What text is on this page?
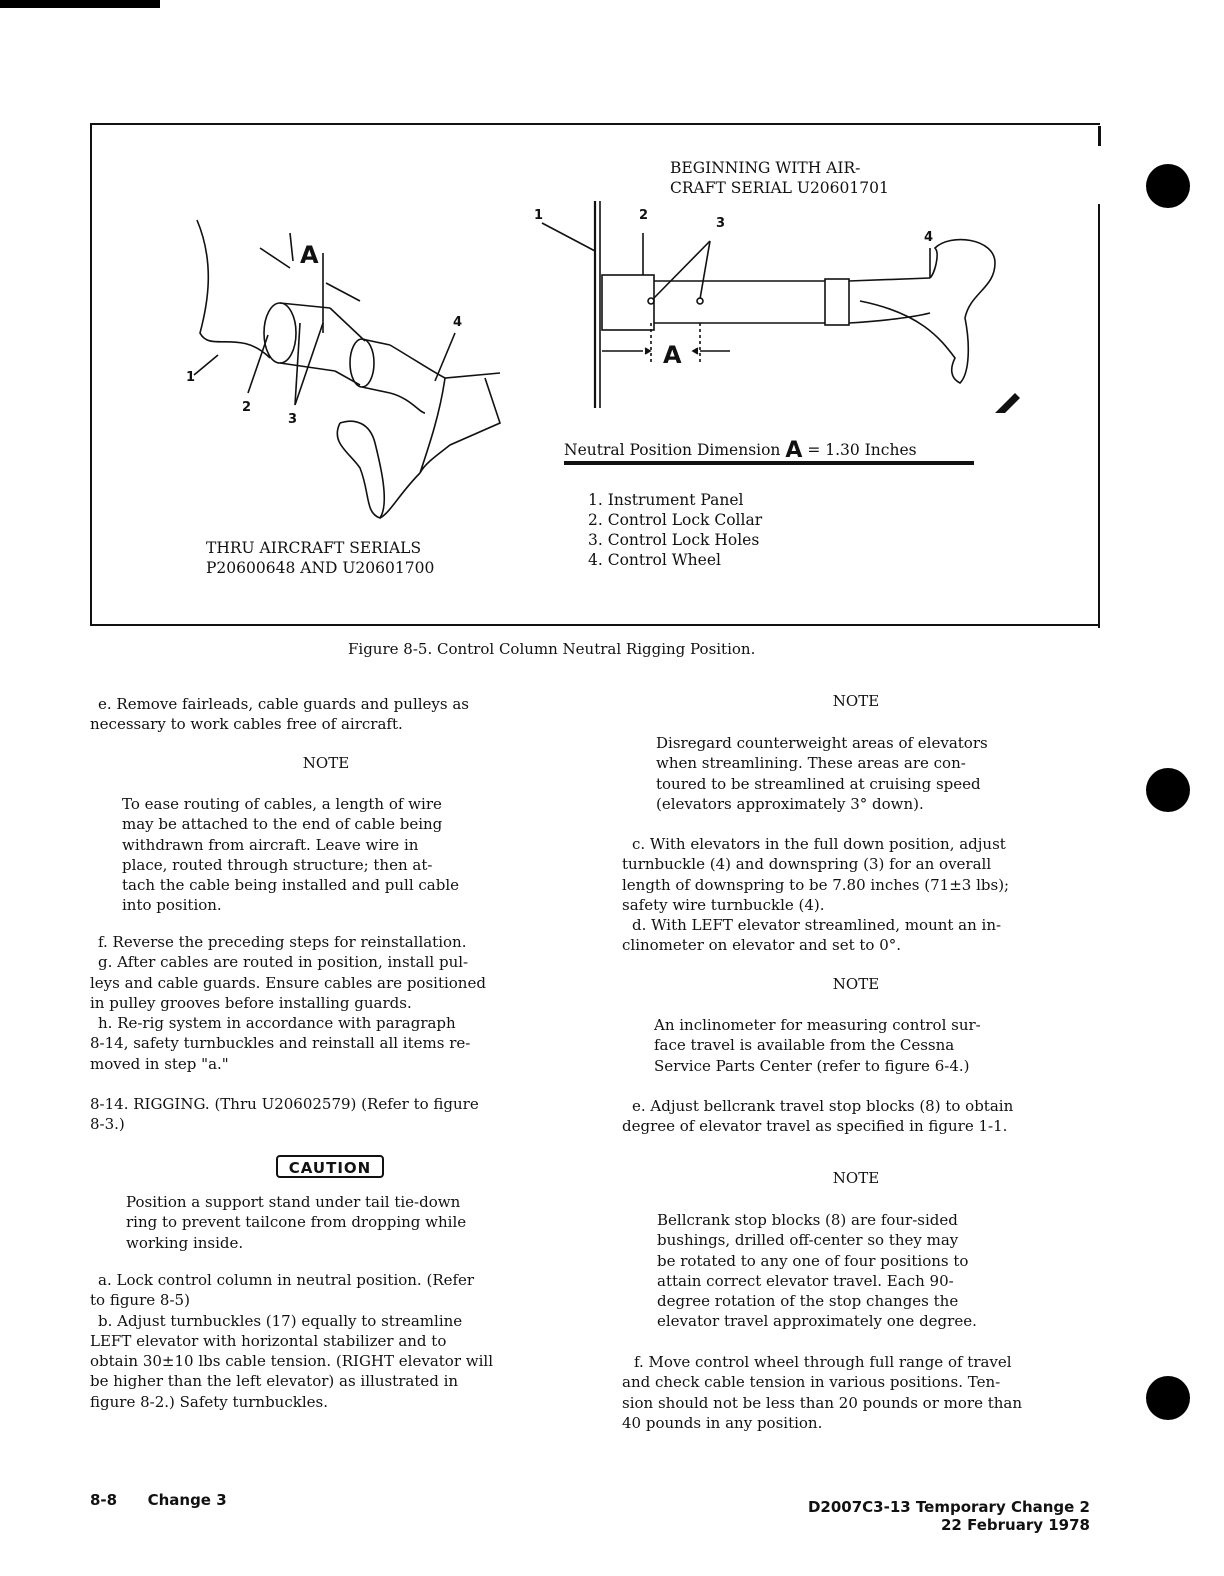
1
2
3
4
1	2
3
4
A
A
BEGINNING WITH AIR-
CRAFT SERIAL U20601701
Neutral Position Dimension A = 1.30 Inches
1. Instrument Panel
2. Control Lock Collar
3. Control Lock Holes
4. Control Wheel
THRU AIRCRAFT SERIALS
P20600648 AND U20601700
Figure 8-5. Control Column Neutral Rigging Position.
e. Remove fairleads, cable guards and pulleys as
necessary to work cables free of aircraft.
NOTE
To ease routing of cables, a length of wire
may be attached to the end of cable being
withdrawn from aircraft. Leave wire in
place, routed through structure; then at-
tach the cable being installed and pull cable
into position.
f. Reverse the preceding steps for reinstallation.
g. After cables are routed in position, install pul-
leys and cable guards. Ensure cables are positioned
in pulley grooves before installing guards.
h. Re-rig system in accordance with paragraph
8-14, safety turnbuckles and reinstall all items re-
moved in step "a."
8-14. RIGGING. (Thru U20602579) (Refer to figure
8-3.)
CAUTION
Position a support stand under tail tie-down
ring to prevent tailcone from dropping while
working inside.
a. Lock control column in neutral position. (Refer
to figure 8-5)
b. Adjust turnbuckles (17) equally to streamline
LEFT elevator with horizontal stabilizer and to
obtain 30±10 lbs cable tension. (RIGHT elevator will
be higher than the left elevator) as illustrated in
figure 8-2.) Safety turnbuckles.
NOTE
Disregard counterweight areas of elevators
when streamlining. These areas are con-
toured to be streamlined at cruising speed
(elevators approximately 3° down).
c. With elevators in the full down position, adjust
turnbuckle (4) and downspring (3) for an overall
length of downspring to be 7.80 inches (71±3 lbs);
safety wire turnbuckle (4).
d. With LEFT elevator streamlined, mount an in-
clinometer on elevator and set to 0°.
NOTE
An inclinometer for measuring control sur-
face travel is available from the Cessna
Service Parts Center (refer to figure 6-4.)
e. Adjust bellcrank travel stop blocks (8) to obtain
degree of elevator travel as specified in figure 1-1.
NOTE
Bellcrank stop blocks (8) are four-sided
bushings, drilled off-center so they may
be rotated to any one of four positions to
attain correct elevator travel. Each 90-
degree rotation of the stop changes the
elevator travel approximately one degree.
f. Move control wheel through full range of travel
and check cable tension in various positions. Ten-
sion should not be less than 20 pounds or more than
40 pounds in any position.
8-8 Change 3	D2007C3-13 Temporary Change 2
22 February 1978
